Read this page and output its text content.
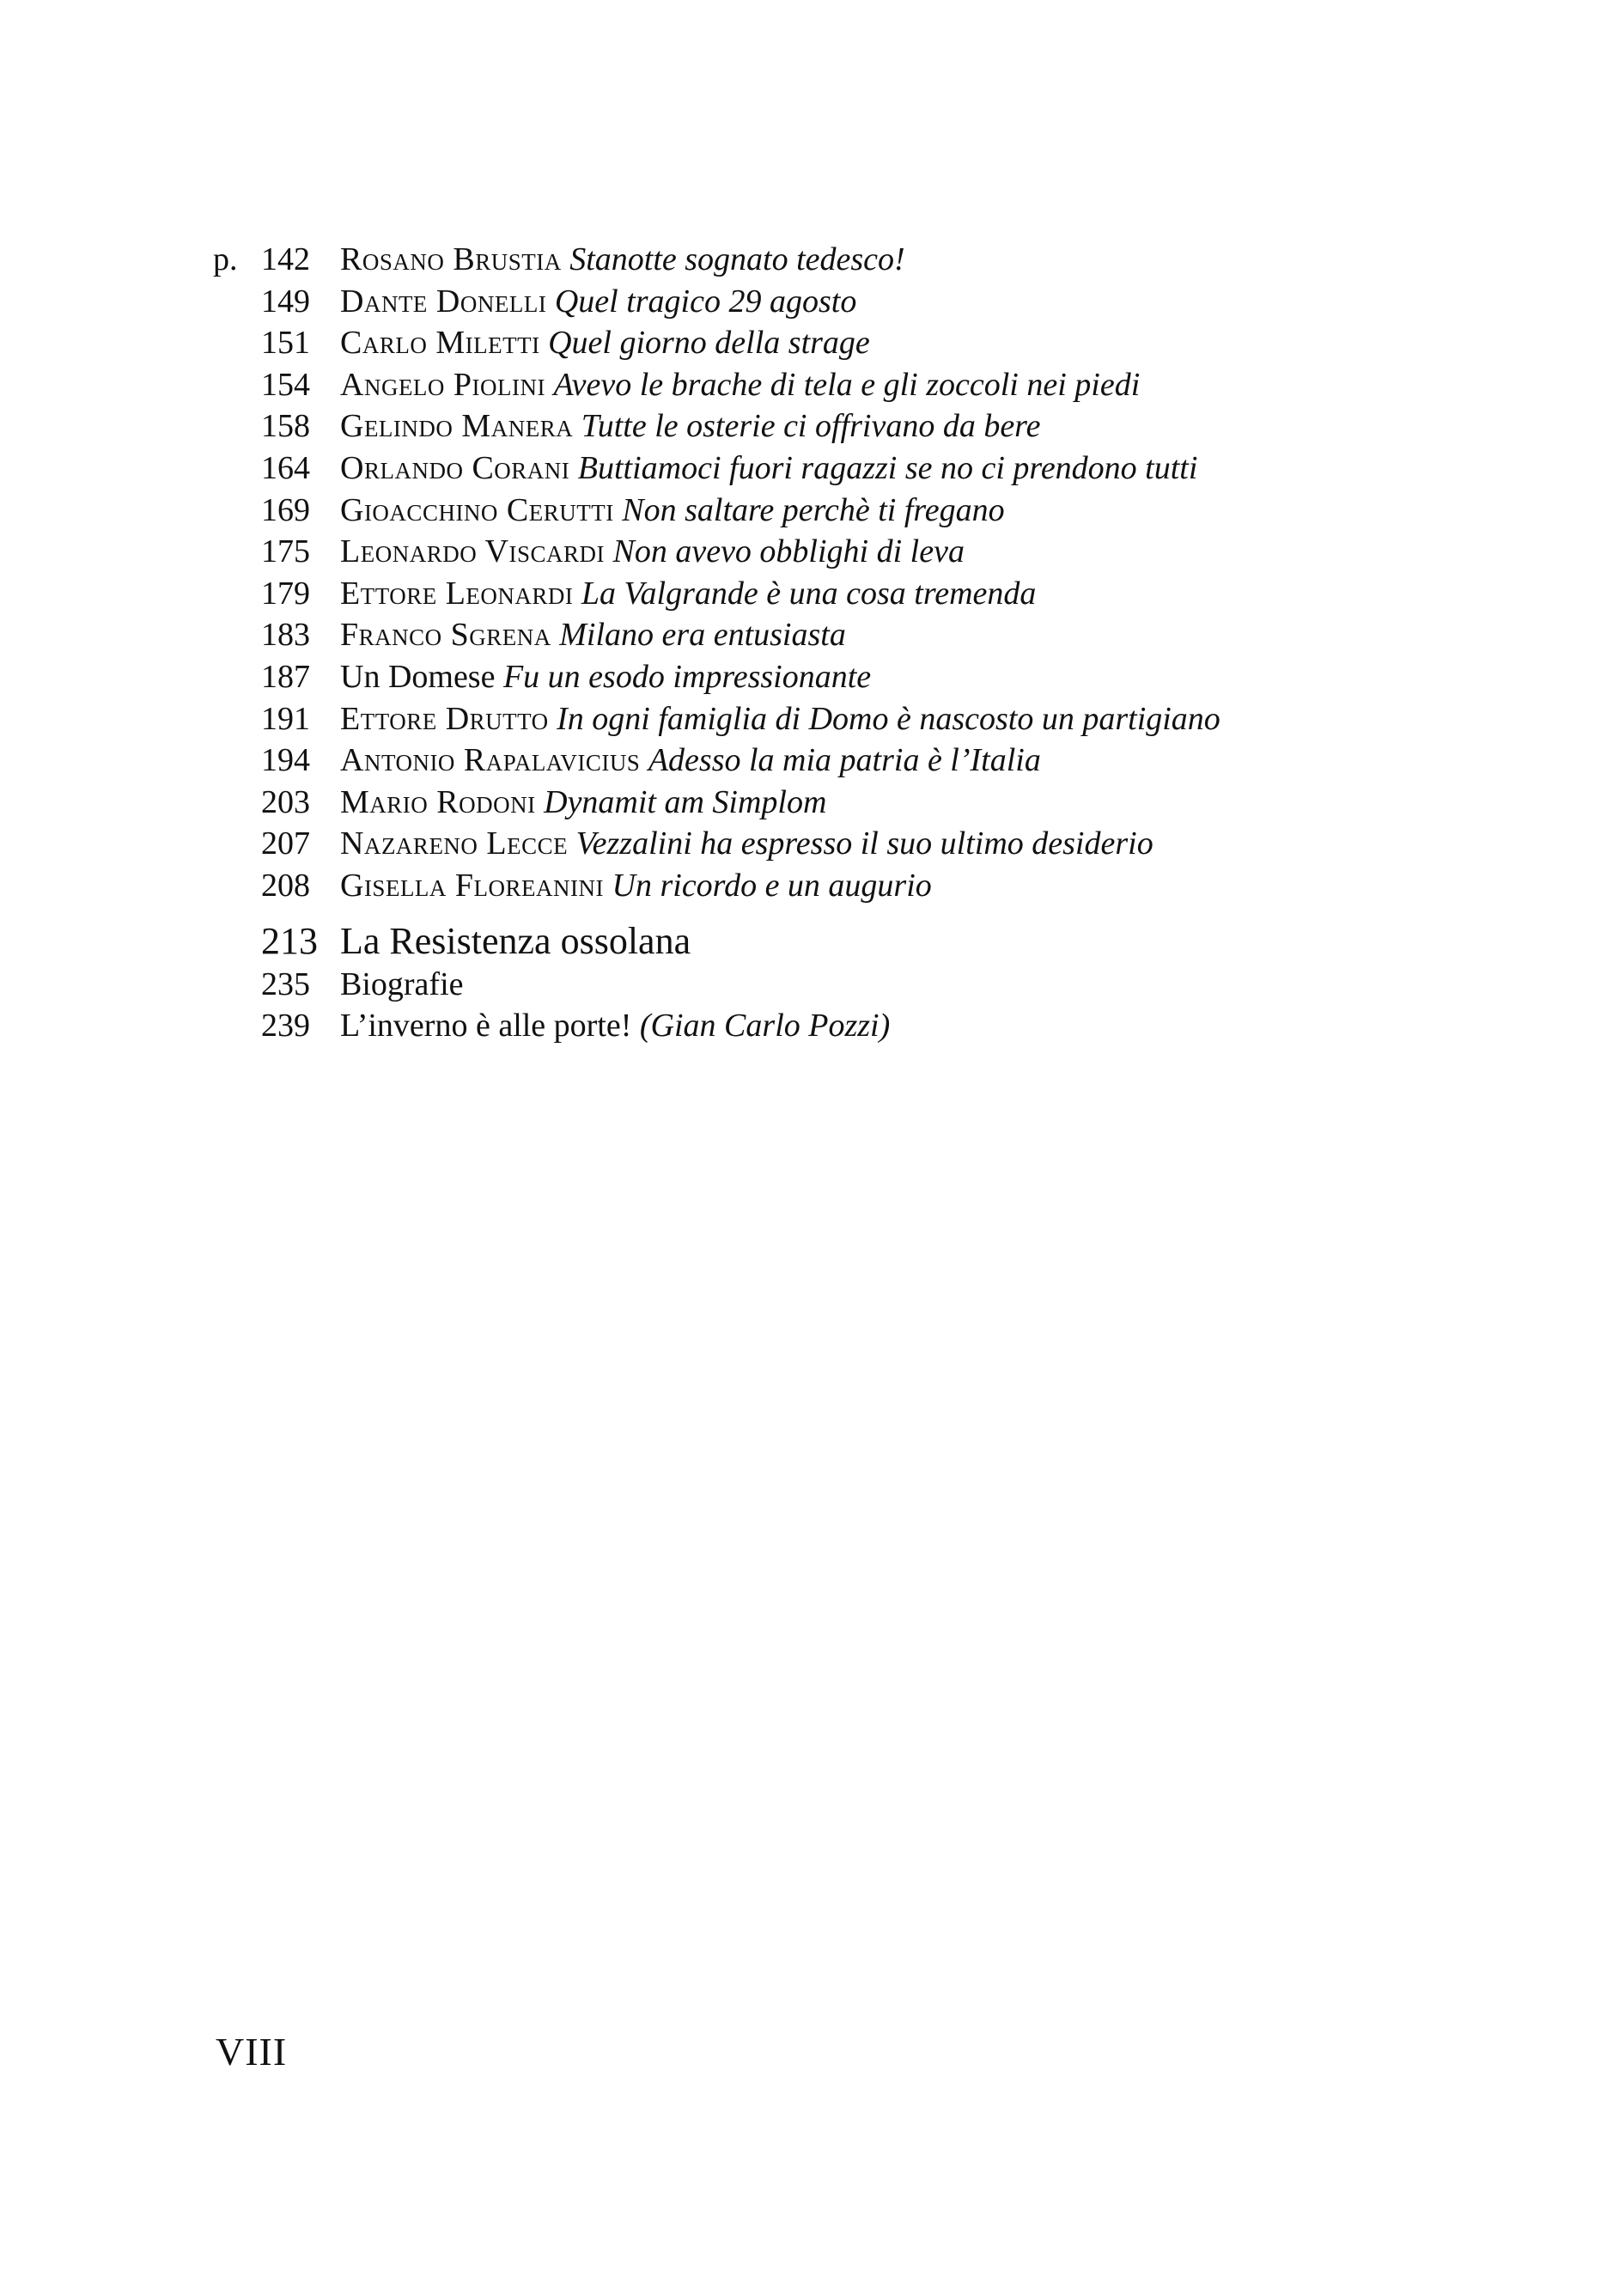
p. 142 Rosano Brustia Stanotte sognato tedesco!
149 Dante Donelli Quel tragico 29 agosto
151 Carlo Miletti Quel giorno della strage
154 Angelo Piolini Avevo le brache di tela e gli zoccoli nei piedi
158 Gelindo Manera Tutte le osterie ci offrivano da bere
164 Orlando Corani Buttiamoci fuori ragazzi se no ci prendono tutti
169 Gioacchino Cerutti Non saltare perchè ti fregano
175 Leonardo Viscardi Non avevo obblighi di leva
179 Ettore Leonardi La Valgrande è una cosa tremenda
183 Franco Sgrena Milano era entusiasta
187 Un Domese Fu un esodo impressionante
191 Ettore Drutto In ogni famiglia di Domo è nascosto un partigiano
194 Antonio Rapalavicius Adesso la mia patria è l’Italia
203 Mario Rodoni Dynamit am Simplom
207 Nazareno Lecce Vezzalini ha espresso il suo ultimo desiderio
208 Gisella Floreanini Un ricordo e un augurio
213 La Resistenza ossolana
235 Biografie
239 L’inverno è alle porte! (Gian Carlo Pozzi)
VIII
